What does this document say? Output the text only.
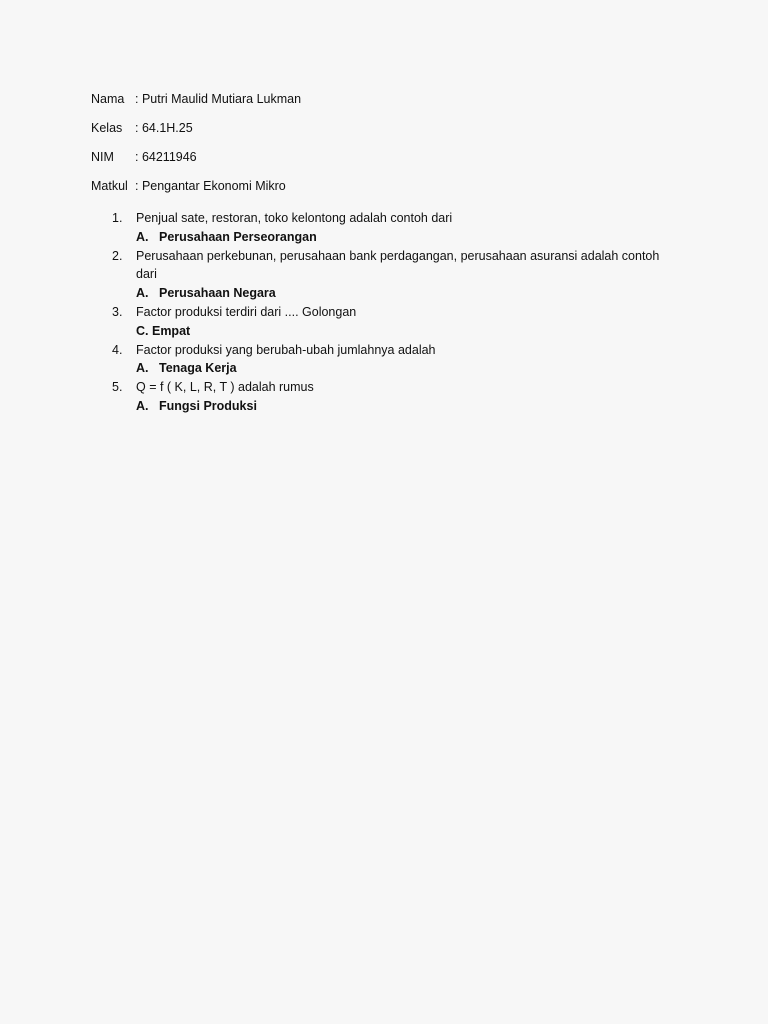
Nama : Putri Maulid Mutiara Lukman
Kelas	: 64.1H.25
NIM	: 64211946
Matkul : Pengantar Ekonomi Mikro
1.	Penjual sate, restoran, toko kelontong adalah contoh dari
A. Perusahaan Perseorangan
2.	Perusahaan perkebunan, perusahaan bank perdagangan, perusahaan asuransi adalah contoh dari
A. Perusahaan Negara
3.	Factor produksi terdiri dari .... Golongan
C.
Empat
4.	Factor produksi yang berubah-ubah jumlahnya adalah
A. Tenaga Kerja
5.	Q = f ( K, L, R, T ) adalah rumus
A. Fungsi Produksi
